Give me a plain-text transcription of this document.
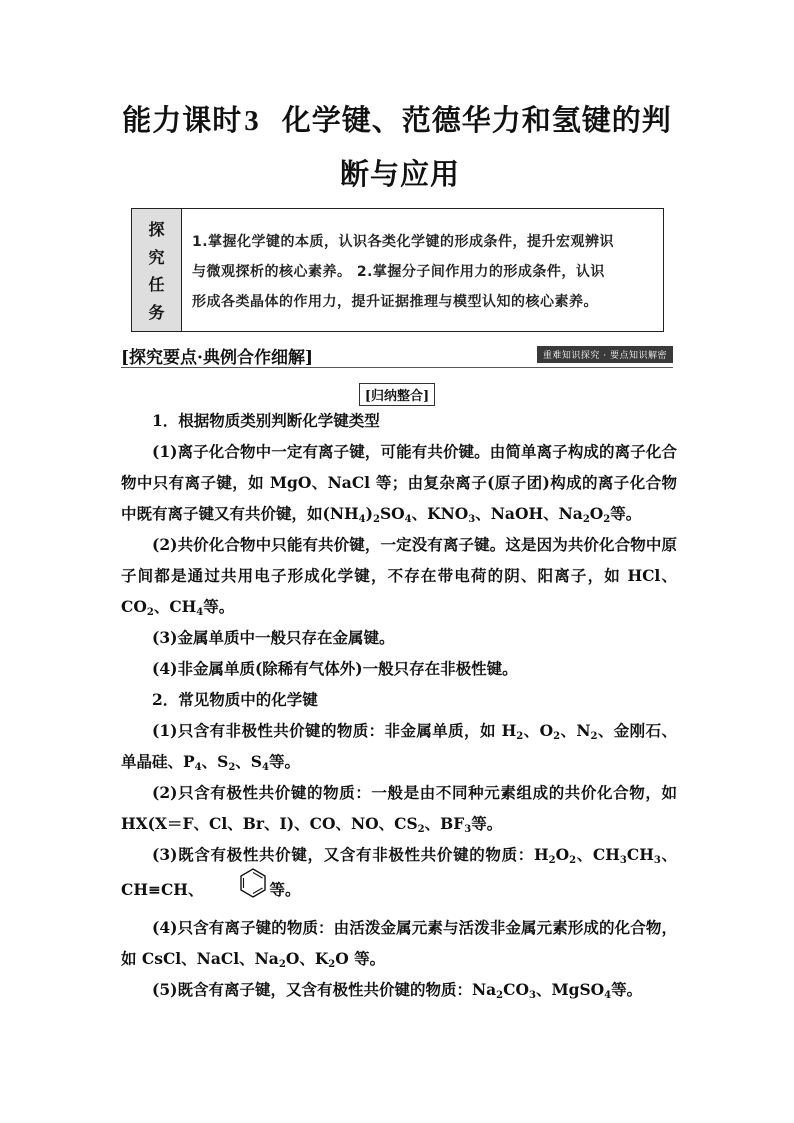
能力课时3 化学键、范德华力和氢键的判
断与应用
探
究
任
务
1.掌握化学键的本质，认识各类化学键的形成条件，提升宏观辨识
与微观探析的核心素养。 2.掌握分子间作用力的形成条件，认识
形成各类晶体的作用力，提升证据推理与模型认知的核心素养。
[探究要点·典例合作细解]	重难知识探究 · 要点知识解密
[归纳整合]

1．根据物质类别判断化学键类型

(1)离子化合物中一定有离子键，可能有共价键。由简单离子构成的离子化合物中只有离子键，如 MgO、NaCl 等；由复杂离子(原子团)构成的离子化合物中既有离子键又有共价键，如$(NH_4)_2SO_4$、$KNO_3$、NaOH、$Na_2O_2$等。

(2)共价化合物中只能有共价键，一定没有离子键。这是因为共价化合物中原子间都是通过共用电子形成化学键，不存在带电荷的阴、阳离子，如 HCl、$CO_2$、$CH_4$等。

(3)金属单质中一般只存在金属键。

(4)非金属单质(除稀有气体外)一般只存在非极性键。

2．常见物质中的化学键

(1)只含有非极性共价键的物质：非金属单质，如 $H_2$、$O_2$、$N_2$、金刚石、单晶硅、$P_4$、$S_2$、$S_4$等。

(2)只含有极性共价键的物质：一般是由不同种元素组成的共价化合物，如 HX(X＝F、Cl、Br、I)、CO、NO、$CS_2$、$BF_3$等。

(3)既含有极性共价键，又含有非极性共价键的物质：$H_2O_2$、$CH_3CH_3$、CH≡CH、	等。

(4)只含有离子键的物质：由活泼金属元素与活泼非金属元素形成的化合物，如 CsCl、NaCl、$Na_2O$、$K_2O$ 等。

(5)既含有离子键，又含有极性共价键的物质：$Na_2CO_3$、MgSO$_4$等。
